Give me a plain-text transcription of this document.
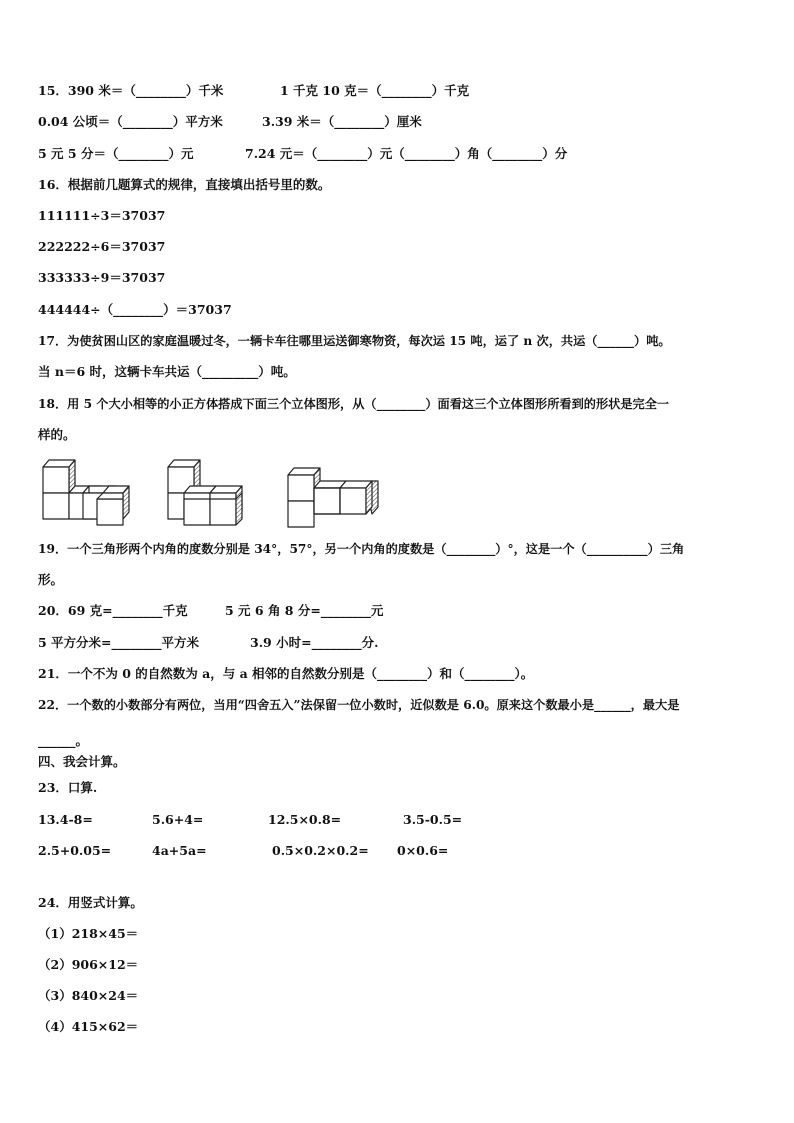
15．390 米＝（________）千米	1 千克 10 克＝（________）千克
0.04 公顷＝（________）平方米	3.39 米＝（________）厘米
5 元 5 分＝（________）元	7.24 元＝（________）元（________）角（________）分
16．根据前几题算式的规律，直接填出括号里的数。
111111÷3＝37037
222222÷6＝37037
333333÷9＝37037
444444÷（________）＝37037
17．为使贫困山区的家庭温暖过冬，一辆卡车往哪里运送御寒物资，每次运 15 吨，运了 n 次，共运（______）吨。
当 n＝6 时，这辆卡车共运（_________）吨。
18．用 5 个大小相等的小正方体搭成下面三个立体图形，从（________）面看这三个立体图形所看到的形状是完全一
样的。
19．一个三角形两个内角的度数分别是 34°，57°，另一个内角的度数是（________）°，这是一个（__________）三角
形。
20．69 克=________千克	5 元 6 角 8 分=________元
5 平方分米=________平方米	3.9 小时=________分.
21．一个不为 0 的自然数为 a，与 a 相邻的自然数分别是（________）和（________）。
22．一个数的小数部分有两位，当用“四舍五入”法保留一位小数时，近似数是 6.0。原来这个数最小是______，最大是
______。
四、我会计算。
23．口算.
13.4-8=	5.6+4=	12.5×0.8=	3.5-0.5=
2.5+0.05=	4a+5a=	0.5×0.2×0.2= 0×0.6=
24．用竖式计算。
（1）218×45＝
（2）906×12＝
（3）840×24＝
（4）415×62＝
